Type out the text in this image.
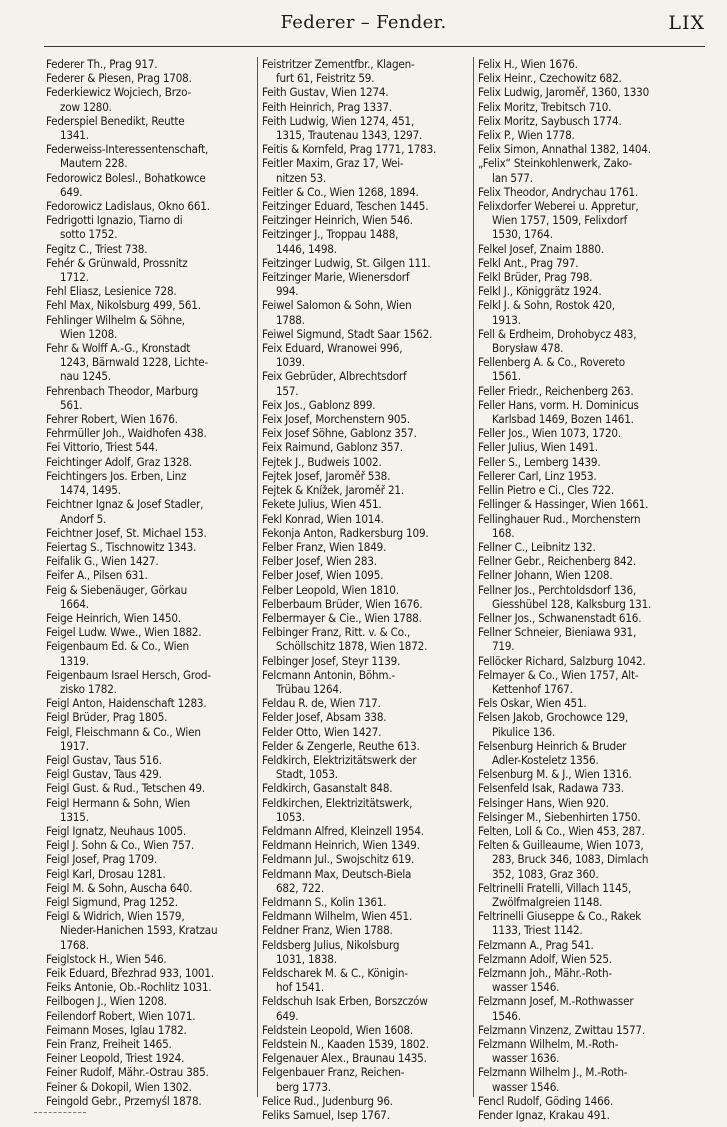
Federer – Fender.	LIX
Federer Th., Prag 917.
Federer & Piesen, Prag 1708.
Federkiewicz Wojciech, Brzo-
zow 1280.
Federspiel Benedikt, Reutte
1341.
Federweiss-Interessentenschaft,
Mautern 228.
Fedorowicz Bolesl., Bohatkowce
649.
Fedorowicz Ladislaus, Okno 661.
Fedrigotti Ignazio, Tiarno di
sotto 1752.
Fegitz C., Triest 738.
Fehér & Grünwald, Prossnitz
1712.
Fehl Eliasz, Lesienice 728.
Fehl Max, Nikolsburg 499, 561.
Fehlinger Wilhelm & Söhne,
Wien 1208.
Fehr & Wolff A.-G., Kronstadt
1243, Bärnwald 1228, Lichte-
nau 1245.
Fehrenbach Theodor, Marburg
561.
Fehrer Robert, Wien 1676.
Fehrmüller Joh., Waidhofen 438.
Fei Vittorio, Triest 544.
Feichtinger Adolf, Graz 1328.
Feichtingers Jos. Erben, Linz
1474, 1495.
Feichtner Ignaz & Josef Stadler,
Andorf 5.
Feichtner Josef, St. Michael 153.
Feiertag S., Tischnowitz 1343.
Feifalik G., Wien 1427.
Feifer A., Pilsen 631.
Feig & Siebenäuger, Görkau
1664.
Feige Heinrich, Wien 1450.
Feigel Ludw. Wwe., Wien 1882.
Feigenbaum Ed. & Co., Wien
1319.
Feigenbaum Israel Hersch, Grod-
zisko 1782.
Feigl Anton, Haidenschaft 1283.
Feigl Brüder, Prag 1805.
Feigl, Fleischmann & Co., Wien
1917.
Feigl Gustav, Taus 516.
Feigl Gustav, Taus 429.
Feigl Gust. & Rud., Tetschen 49.
Feigl Hermann & Sohn, Wien
1315.
Feigl Ignatz, Neuhaus 1005.
Feigl J. Sohn & Co., Wien 757.
Feigl Josef, Prag 1709.
Feigl Karl, Drosau 1281.
Feigl M. & Sohn, Auscha 640.
Feigl Sigmund, Prag 1252.
Feigl & Widrich, Wien 1579,
Nieder-Hanichen 1593, Kratzau
1768.
Feiglstock H., Wien 546.
Feik Eduard, Březhrad 933, 1001.
Feiks Antonie, Ob.-Rochlitz 1031.
Feilbogen J., Wien 1208.
Feilendorf Robert, Wien 1071.
Feimann Moses, Iglau 1782.
Fein Franz, Freiheit 1465.
Feiner Leopold, Triest 1924.
Feiner Rudolf, Mähr.-Ostrau 385.
Feiner & Dokopil, Wien 1302.
Feingold Gebr., Przemyśl 1878.
Feistritzer Zementfbr., Klagen-
furt 61, Feistritz 59.
Feith Gustav, Wien 1274.
Feith Heinrich, Prag 1337.
Feith Ludwig, Wien 1274, 451,
1315, Trautenau 1343, 1297.
Feitis & Kornfeld, Prag 1771, 1783.
Feitler Maxim, Graz 17, Wei-
nitzen 53.
Feitler & Co., Wien 1268, 1894.
Feitzinger Eduard, Teschen 1445.
Feitzinger Heinrich, Wien 546.
Feitzinger J., Troppau 1488,
1446, 1498.
Feitzinger Ludwig, St. Gilgen 111.
Feitzinger Marie, Wienersdorf
994.
Feiwel Salomon & Sohn, Wien
1788.
Feiwel Sigmund, Stadt Saar 1562.
Feix Eduard, Wranowei 996,
1039.
Feix Gebrüder, Albrechtsdorf
157.
Feix Jos., Gablonz 899.
Feix Josef, Morchenstern 905.
Feix Josef Söhne, Gablonz 357.
Feix Raimund, Gablonz 357.
Fejtek J., Budweis 1002.
Fejtek Josef, Jaroměř 538.
Fejtek & Knížek, Jaroměř 21.
Fekete Julius, Wien 451.
Fekl Konrad, Wien 1014.
Fekonja Anton, Radkersburg 109.
Felber Franz, Wien 1849.
Felber Josef, Wien 283.
Felber Josef, Wien 1095.
Felber Leopold, Wien 1810.
Felberbaum Brüder, Wien 1676.
Felbermayer & Cie., Wien 1788.
Felbinger Franz, Ritt. v. & Co.,
Schöllschitz 1878, Wien 1872.
Felbinger Josef, Steyr 1139.
Felcmann Antonin, Böhm.-
Trübau 1264.
Feldau R. de, Wien 717.
Felder Josef, Absam 338.
Felder Otto, Wien 1427.
Felder & Zengerle, Reuthe 613.
Feldkirch, Elektrizitätswerk der
Stadt, 1053.
Feldkirch, Gasanstalt 848.
Feldkirchen, Elektrizitätswerk,
1053.
Feldmann Alfred, Kleinzell 1954.
Feldmann Heinrich, Wien 1349.
Feldmann Jul., Swojschitz 619.
Feldmann Max, Deutsch-Biela
682, 722.
Feldmann S., Kolin 1361.
Feldmann Wilhelm, Wien 451.
Feldner Franz, Wien 1788.
Feldsberg Julius, Nikolsburg
1031, 1838.
Feldscharek M. & C., Königin-
hof 1541.
Feldschuh Isak Erben, Borszczów
649.
Feldstein Leopold, Wien 1608.
Feldstein N., Kaaden 1539, 1802.
Felgenauer Alex., Braunau 1435.
Felgenbauer Franz, Reichen-
berg 1773.
Felice Rud., Judenburg 96.
Feliks Samuel, Isep 1767.
Felix H., Wien 1676.
Felix Heinr., Czechowitz 682.
Felix Ludwig, Jaroměř, 1360, 1330
Felix Moritz, Trebitsch 710.
Felix Moritz, Saybusch 1774.
Felix P., Wien 1778.
Felix Simon, Annathal 1382, 1404.
„Felix“ Steinkohlenwerk, Zako-
lan 577.
Felix Theodor, Andrychau 1761.
Felixdorfer Weberei u. Appretur,
Wien 1757, 1509, Felixdorf
1530, 1764.
Felkel Josef, Znaim 1880.
Felkl Ant., Prag 797.
Felkl Brüder, Prag 798.
Felkl J., Königgrätz 1924.
Felkl J. & Sohn, Rostok 420,
1913.
Fell & Erdheim, Drohobycz 483,
Borysław 478.
Fellenberg A. & Co., Rovereto
1561.
Feller Friedr., Reichenberg 263.
Feller Hans, vorm. H. Dominicus
Karlsbad 1469, Bozen 1461.
Feller Jos., Wien 1073, 1720.
Feller Julius, Wien 1491.
Feller S., Lemberg 1439.
Fellerer Carl, Linz 1953.
Fellin Pietro e Ci., Cles 722.
Fellinger & Hassinger, Wien 1661.
Fellinghauer Rud., Morchenstern
168.
Fellner C., Leibnitz 132.
Fellner Gebr., Reichenberg 842.
Fellner Johann, Wien 1208.
Fellner Jos., Perchtoldsdorf 136,
Giesshübel 128, Kalksburg 131.
Fellner Jos., Schwanenstadt 616.
Fellner Schneier, Bieniawa 931,
719.
Fellöcker Richard, Salzburg 1042.
Felmayer & Co., Wien 1757, Alt-
Kettenhof 1767.
Fels Oskar, Wien 451.
Felsen Jakob, Grochowce 129,
Pikulice 136.
Felsenburg Heinrich & Bruder
Adler-Kosteletz 1356.
Felsenburg M. & J., Wien 1316.
Felsenfeld Isak, Radawa 733.
Felsinger Hans, Wien 920.
Felsinger M., Siebenhirten 1750.
Felten, Loll & Co., Wien 453, 287.
Felten & Guilleaume, Wien 1073,
283, Bruck 346, 1083, Dimlach
352, 1083, Graz 360.
Feltrinelli Fratelli, Villach 1145,
Zwölfmalgreien 1148.
Feltrinelli Giuseppe & Co., Rakek
1133, Triest 1142.
Felzmann A., Prag 541.
Felzmann Adolf, Wien 525.
Felzmann Joh., Mähr.-Roth-
wasser 1546.
Felzmann Josef, M.-Rothwasser
1546.
Felzmann Vinzenz, Zwittau 1577.
Felzmann Wilhelm, M.-Roth-
wasser 1636.
Felzmann Wilhelm J., M.-Roth-
wasser 1546.
Fencl Rudolf, Göding 1466.
Fender Ignaz, Krakau 491.
